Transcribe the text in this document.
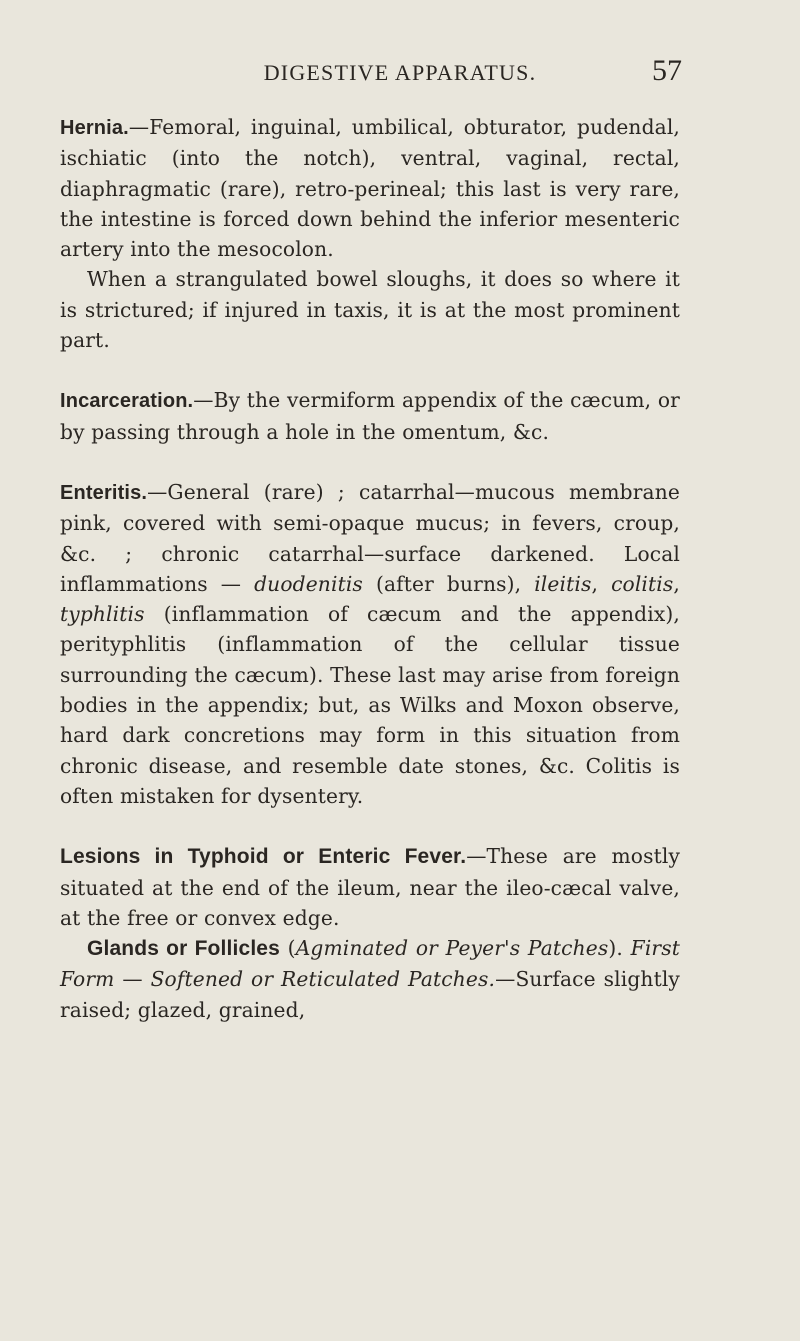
DIGESTIVE APPARATUS.	57

Hernia.—Femoral, inguinal, umbilical, obturator, pudendal, ischiatic (into the notch), ventral, vaginal, rectal, diaphragmatic (rare), retro-perineal; this last is very rare, the intestine is forced down behind the inferior mesenteric artery into the mesocolon.

When a strangulated bowel sloughs, it does so where it is strictured; if injured in taxis, it is at the most prominent part.

Incarceration.—By the vermiform appendix of the cæcum, or by passing through a hole in the omentum, &c.

Enteritis.—General (rare) ; catarrhal—mucous membrane pink, covered with semi-opaque mucus; in fevers, croup, &c. ; chronic catarrhal—surface darkened. Local inflammations — duodenitis (after burns), ileitis, colitis, typhlitis (inflammation of cæcum and the appendix), perityphlitis (inflammation of the cellular tissue surrounding the cæcum). These last may arise from foreign bodies in the appendix; but, as Wilks and Moxon observe, hard dark concretions may form in this situation from chronic disease, and resemble date stones, &c. Colitis is often mistaken for dysentery.

Lesions in Typhoid or Enteric Fever.—These are mostly situated at the end of the ileum, near the ileo-cæcal valve, at the free or convex edge.

Glands or Follicles (Agminated or Peyer's Patches). First Form — Softened or Reticulated Patches.—Surface slightly raised; glazed, grained,
